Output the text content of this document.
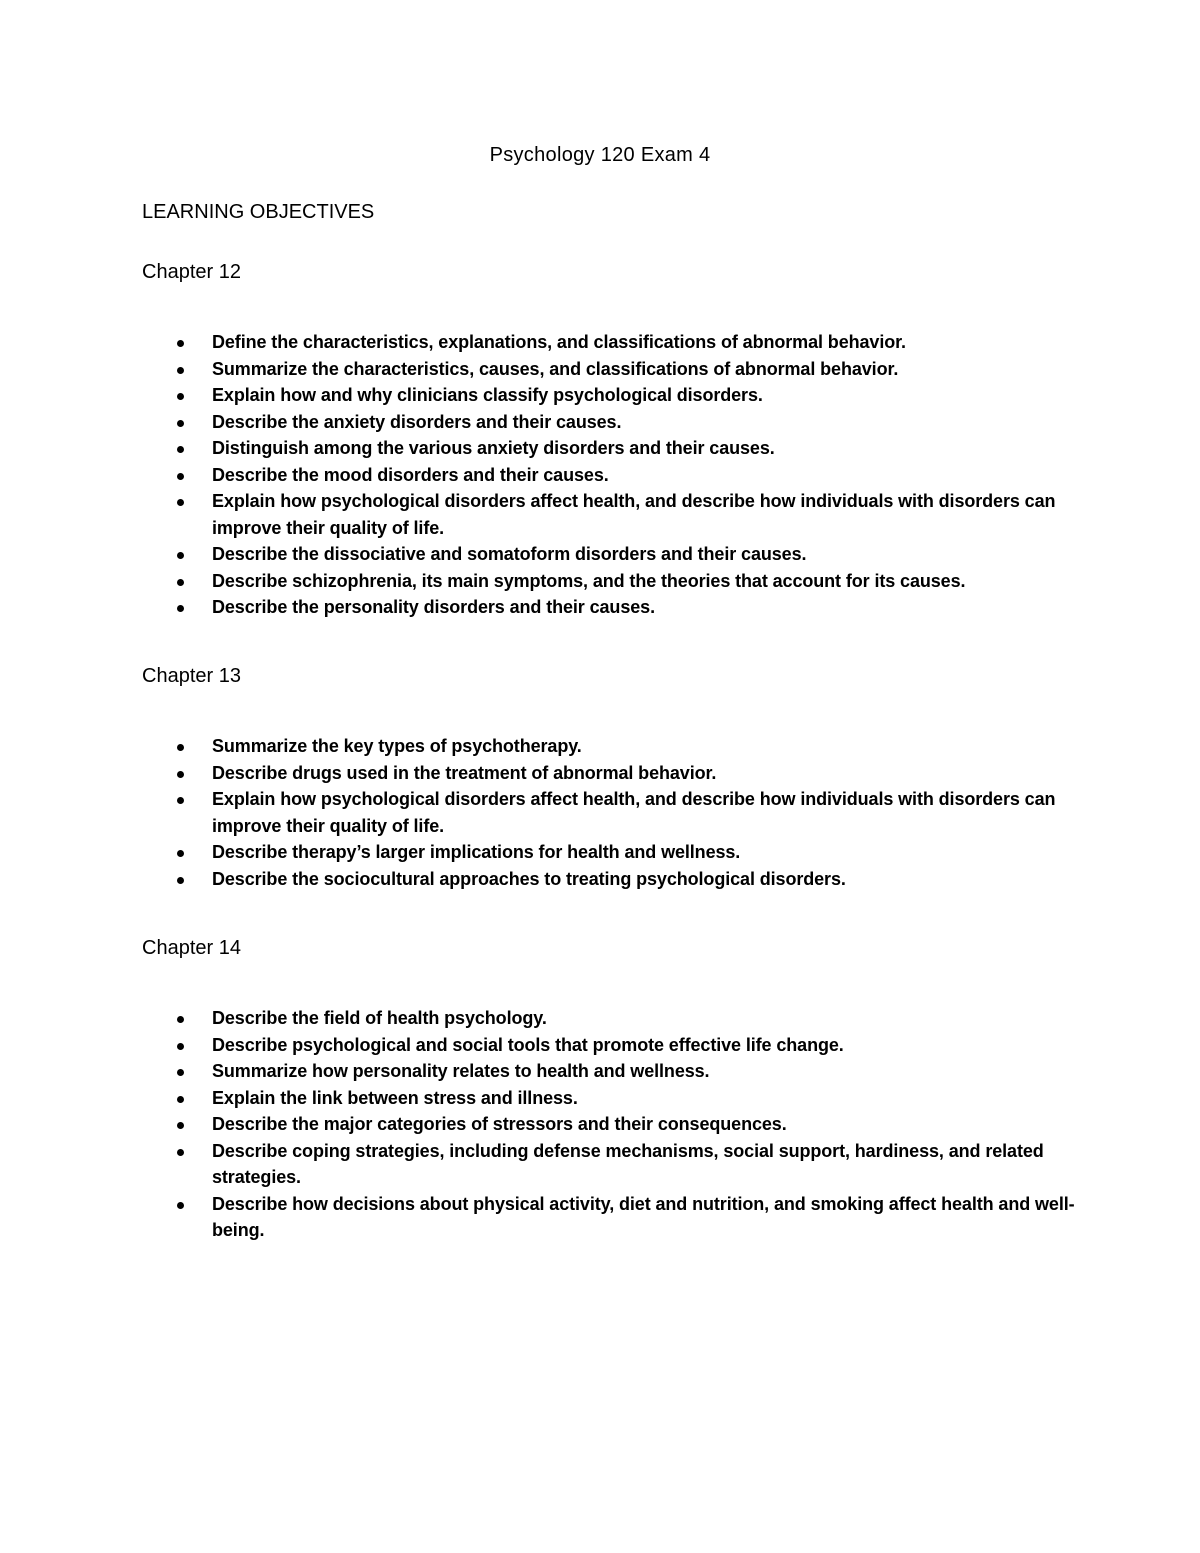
Psychology 120 Exam 4
LEARNING OBJECTIVES
Chapter 12
Define the characteristics, explanations, and classifications of abnormal behavior.
Summarize the characteristics, causes, and classifications of abnormal behavior.
Explain how and why clinicians classify psychological disorders.
Describe the anxiety disorders and their causes.
Distinguish among the various anxiety disorders and their causes.
Describe the mood disorders and their causes.
Explain how psychological disorders affect health, and describe how individuals with disorders can improve their quality of life.
Describe the dissociative and somatoform disorders and their causes.
Describe schizophrenia, its main symptoms, and the theories that account for its causes.
Describe the personality disorders and their causes.
Chapter 13
Summarize the key types of psychotherapy.
Describe drugs used in the treatment of abnormal behavior.
Explain how psychological disorders affect health, and describe how individuals with disorders can improve their quality of life.
Describe therapy’s larger implications for health and wellness.
Describe the sociocultural approaches to treating psychological disorders.
Chapter 14
Describe the field of health psychology.
Describe psychological and social tools that promote effective life change.
Summarize how personality relates to health and wellness.
Explain the link between stress and illness.
Describe the major categories of stressors and their consequences.
Describe coping strategies, including defense mechanisms, social support, hardiness, and related strategies.
Describe how decisions about physical activity, diet and nutrition, and smoking affect health and well-being.
